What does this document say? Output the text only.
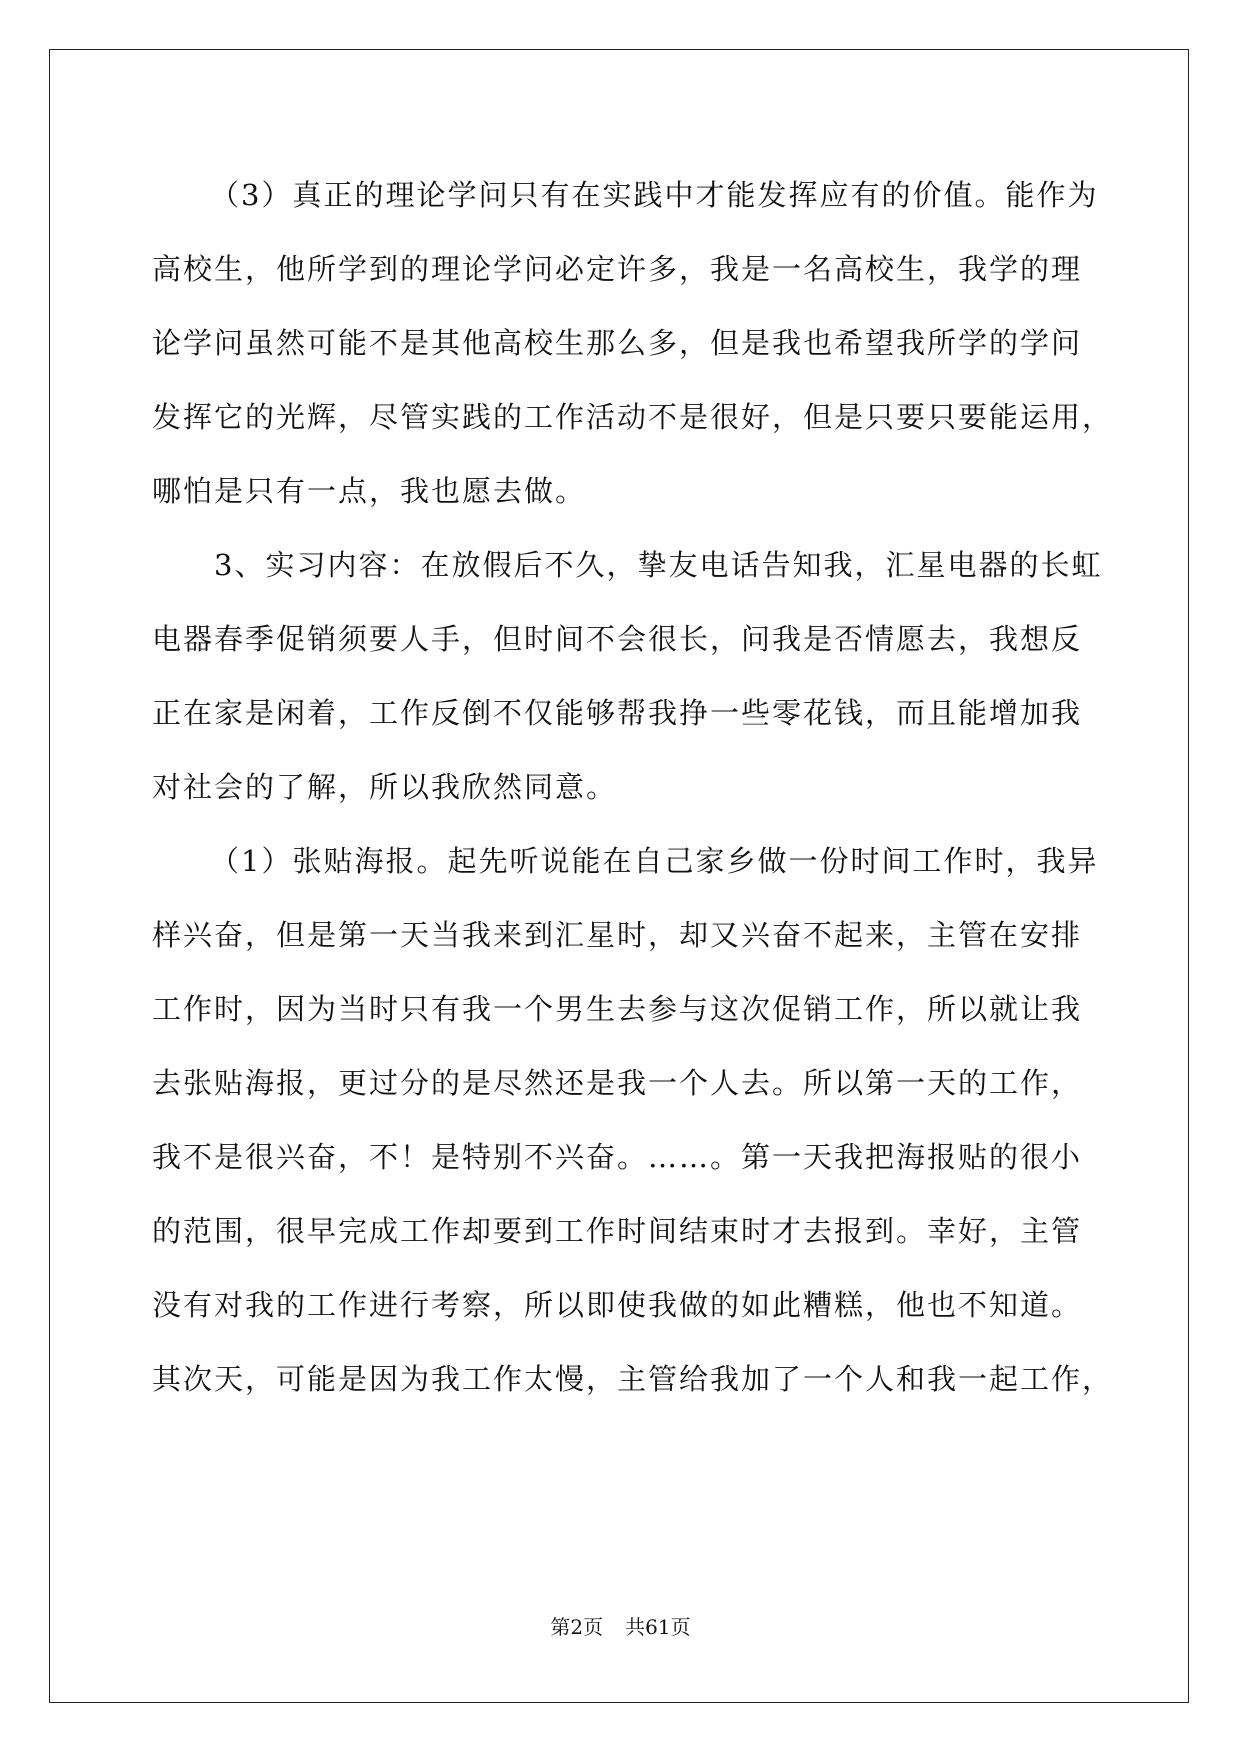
（3）真正的理论学问只有在实践中才能发挥应有的价值。能作为
高校生，他所学到的理论学问必定许多，我是一名高校生，我学的理
论学问虽然可能不是其他高校生那么多，但是我也希望我所学的学问
发挥它的光辉，尽管实践的工作活动不是很好，但是只要只要能运用，
哪怕是只有一点，我也愿去做。
3、实习内容：在放假后不久，挚友电话告知我，汇星电器的长虹
电器春季促销须要人手，但时间不会很长，问我是否情愿去，我想反
正在家是闲着，工作反倒不仅能够帮我挣一些零花钱，而且能增加我
对社会的了解，所以我欣然同意。
（1）张贴海报。起先听说能在自己家乡做一份时间工作时，我异
样兴奋，但是第一天当我来到汇星时，却又兴奋不起来，主管在安排
工作时，因为当时只有我一个男生去参与这次促销工作，所以就让我
去张贴海报，更过分的是尽然还是我一个人去。所以第一天的工作，
我不是很兴奋，不！是特别不兴奋。……。第一天我把海报贴的很小
的范围，很早完成工作却要到工作时间结束时才去报到。幸好，主管
没有对我的工作进行考察，所以即使我做的如此糟糕，他也不知道。
其次天，可能是因为我工作太慢，主管给我加了一个人和我一起工作，
第2页 共61页
